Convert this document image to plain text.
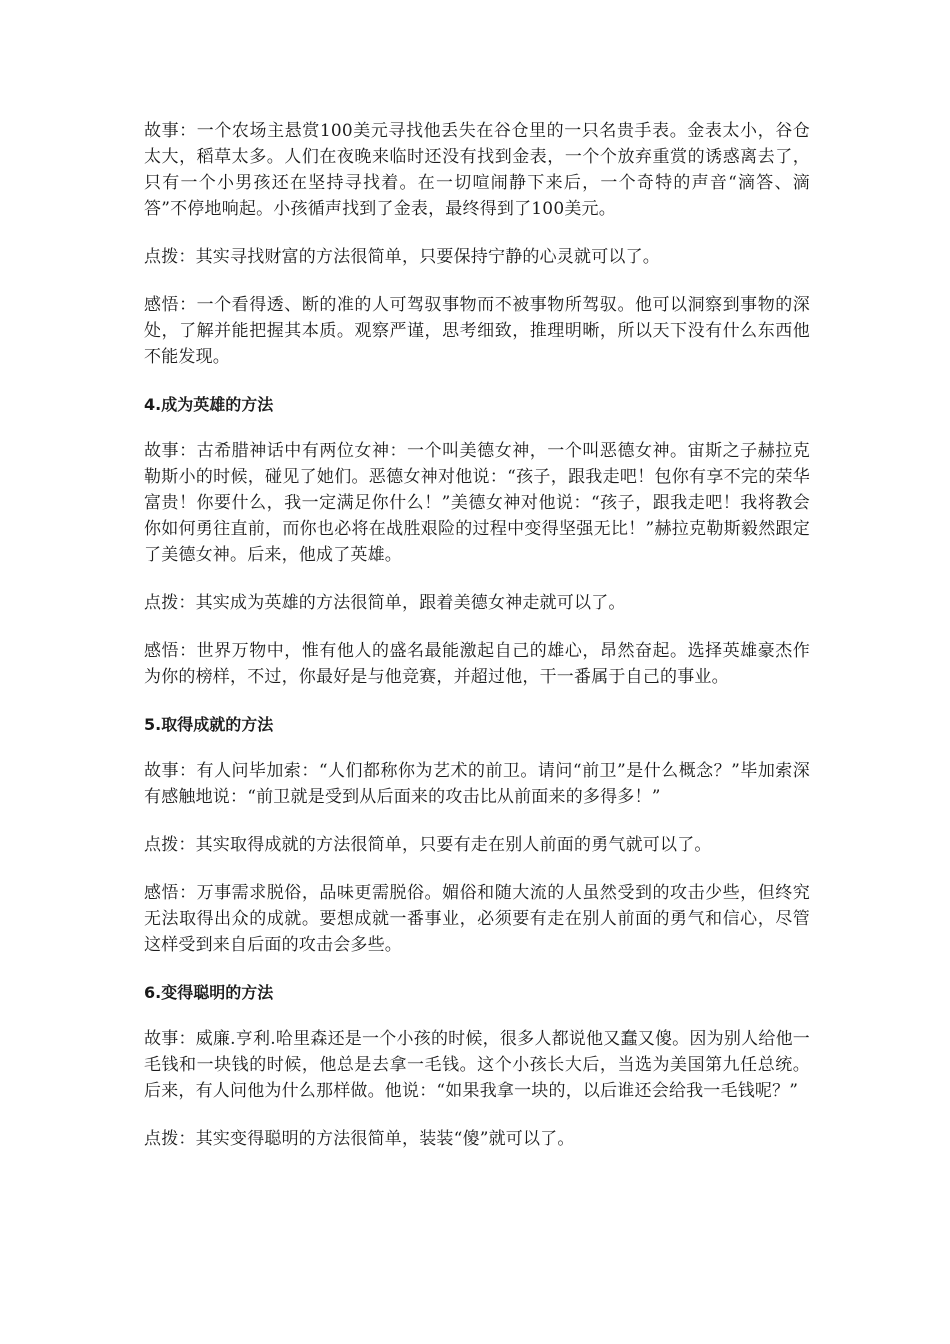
故事：一个农场主悬赏100美元寻找他丢失在谷仓里的一只名贵手表。金表太小，谷仓太大，稻草太多。人们在夜晚来临时还没有找到金表，一个个放弃重赏的诱惑离去了，只有一个小男孩还在坚持寻找着。在一切喧闹静下来后，一个奇特的声音“滴答、滴答”不停地响起。小孩循声找到了金表，最终得到了100美元。

点拨：其实寻找财富的方法很简单，只要保持宁静的心灵就可以了。

感悟：一个看得透、断的准的人可驾驭事物而不被事物所驾驭。他可以洞察到事物的深处，了解并能把握其本质。观察严谨，思考细致，推理明晰，所以天下没有什么东西他不能发现。

4.成为英雄的方法

故事：古希腊神话中有两位女神：一个叫美德女神，一个叫恶德女神。宙斯之子赫拉克勒斯小的时候，碰见了她们。恶德女神对他说：“孩子，跟我走吧！包你有享不完的荣华富贵！你要什么，我一定满足你什么！”美德女神对他说：“孩子，跟我走吧！我将教会你如何勇往直前，而你也必将在战胜艰险的过程中变得坚强无比！”赫拉克勒斯毅然跟定了美德女神。后来，他成了英雄。

点拨：其实成为英雄的方法很简单，跟着美德女神走就可以了。

感悟：世界万物中，惟有他人的盛名最能激起自己的雄心，昂然奋起。选择英雄豪杰作为你的榜样，不过，你最好是与他竞赛，并超过他，干一番属于自己的事业。

5.取得成就的方法

故事：有人问毕加索：“人们都称你为艺术的前卫。请问“前卫”是什么概念？”毕加索深有感触地说：“前卫就是受到从后面来的攻击比从前面来的多得多！”

点拨：其实取得成就的方法很简单，只要有走在别人前面的勇气就可以了。

感悟：万事需求脱俗，品味更需脱俗。媚俗和随大流的人虽然受到的攻击少些，但终究无法取得出众的成就。要想成就一番事业，必须要有走在别人前面的勇气和信心，尽管这样受到来自后面的攻击会多些。

6.变得聪明的方法

故事：威廉.亨利.哈里森还是一个小孩的时候，很多人都说他又蠢又傻。因为别人给他一毛钱和一块钱的时候，他总是去拿一毛钱。这个小孩长大后，当选为美国第九任总统。后来，有人问他为什么那样做。他说：“如果我拿一块的，以后谁还会给我一毛钱呢？”

点拨：其实变得聪明的方法很简单，装装“傻”就可以了。
